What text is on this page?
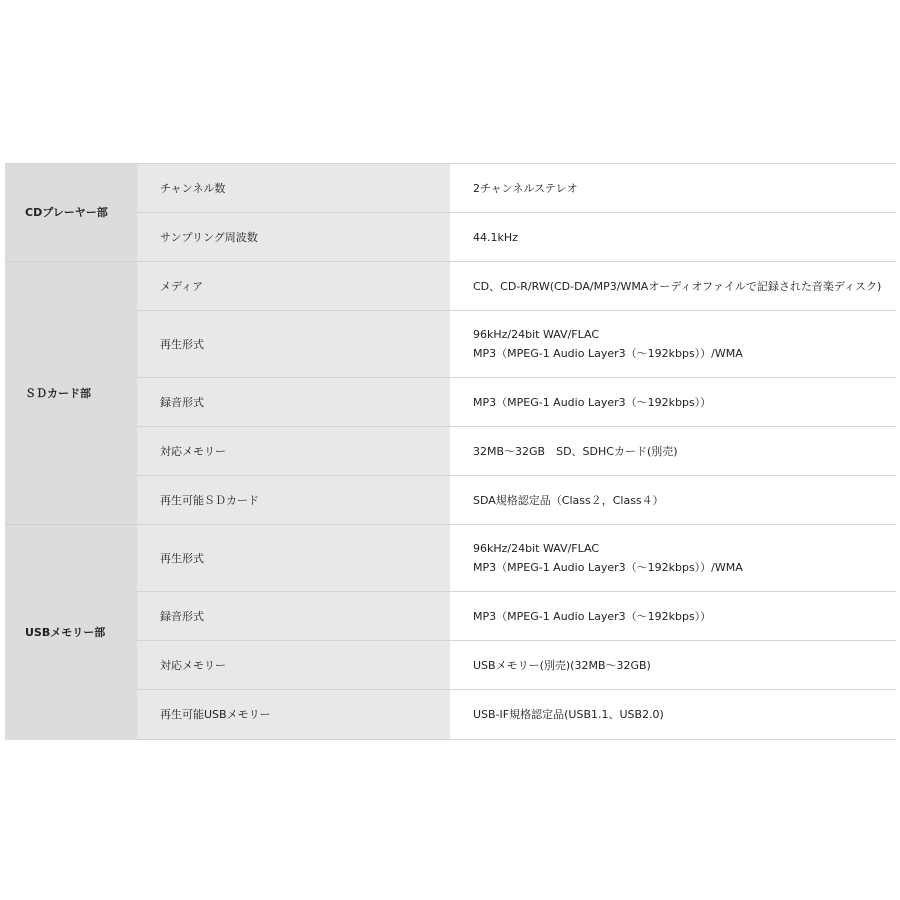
CDプレーヤー部	チャンネル数	2チャンネルステレオ

	サンプリング周波数	44.1kHz

ＳＤカード部	メディア	CD、CD-R/RW(CD-DA/MP3/WMAオーディオファイルで記録された音楽ディスク)

	再生形式	96kHz/24bit WAV/FLAC
MP3（MPEG-1 Audio Layer3（～192kbps））/WMA

	録音形式	MP3（MPEG-1 Audio Layer3（～192kbps））

	対応メモリー	32MB～32GB　SD、SDHCカード(別売)

	再生可能ＳＤカード	SDA規格認定品（Class２，Class４）

USBメモリー部	再生形式	96kHz/24bit WAV/FLAC
MP3（MPEG-1 Audio Layer3（～192kbps））/WMA

	録音形式	MP3（MPEG-1 Audio Layer3（～192kbps））

	対応メモリー	USBメモリー(別売)(32MB～32GB)

	再生可能USBメモリー	USB-IF規格認定品(USB1.1、USB2.0)
